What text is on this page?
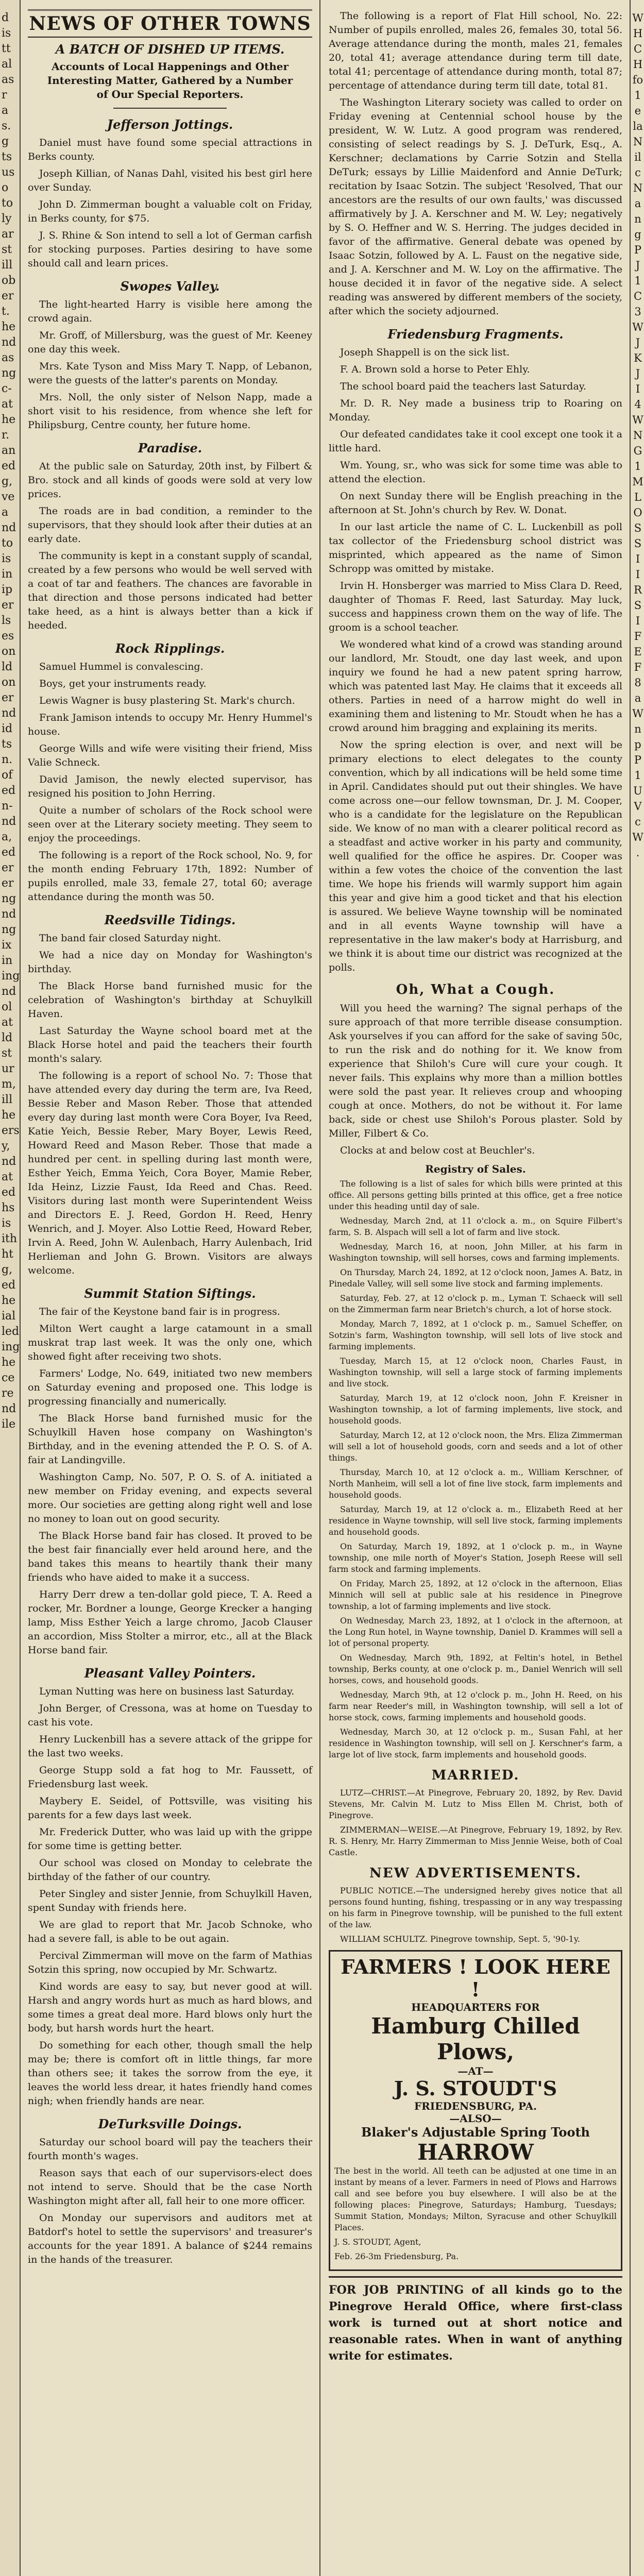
d
is
tt
al
as
r
a
s.
g
ts
us
o
to
ly
ar
st
ill
ob
er
t.
he
nd
as
ng
c-
at
he
r.
an
ed
g,
ve
a
nd
to
is
in
ip
er
ls
es
on
ld
on
er
nd
id
ts
n.
of
ed
n-
nd
a,
ed
er
er
ng
nd
ng
ix
in
ing
nd
ol
at
ld
st
ur
m,
ill
he
ers
y,
nd
at
ed
hs
is
ith
ht
g,
ed
he
ial
led
ing
he
ce
re
nd
ile
NEWS OF OTHER TOWNS
A BATCH OF DISHED UP ITEMS.
Accounts of Local Happenings and Other Interesting Matter, Gathered by a Number of Our Special Reporters.
Jefferson Jottings.

Daniel must have found some special attractions in Berks county.

Joseph Killian, of Nanas Dahl, visited his best girl here over Sunday.

John D. Zimmerman bought a valuable colt on Friday, in Berks county, for $75.

J. S. Rhine & Son intend to sell a lot of German carfish for stocking purposes. Parties desiring to have some should call and learn prices.

Swopes Valley.

The light-hearted Harry is visible here among the crowd again.

Mr. Groff, of Millersburg, was the guest of Mr. Keeney one day this week.

Mrs. Kate Tyson and Miss Mary T. Napp, of Lebanon, were the guests of the latter's parents on Monday.

Mrs. Noll, the only sister of Nelson Napp, made a short visit to his residence, from whence she left for Philipsburg, Centre county, her future home.

Paradise.

At the public sale on Saturday, 20th inst, by Filbert & Bro. stock and all kinds of goods were sold at very low prices.

The roads are in bad condition, a reminder to the supervisors, that they should look after their duties at an early date.

The community is kept in a constant supply of scandal, created by a few persons who would be well served with a coat of tar and feathers. The chances are favorable in that direction and those persons indicated had better take heed, as a hint is always better than a kick if heeded.

Rock Ripplings.

Samuel Hummel is convalescing.

Boys, get your instruments ready.

Lewis Wagner is busy plastering St. Mark's church.

Frank Jamison intends to occupy Mr. Henry Hummel's house.

George Wills and wife were visiting their friend, Miss Valie Schneck.

David Jamison, the newly elected supervisor, has resigned his position to John Herring.

Quite a number of scholars of the Rock school were seen over at the Literary society meeting. They seem to enjoy the proceedings.

The following is a report of the Rock school, No. 9, for the month ending February 17th, 1892: Number of pupils enrolled, male 33, female 27, total 60; average attendance during the month was 50.

Reedsville Tidings.

The band fair closed Saturday night.

We had a nice day on Monday for Washington's birthday.

The Black Horse band furnished music for the celebration of Washington's birthday at Schuylkill Haven.

Last Saturday the Wayne school board met at the Black Horse hotel and paid the teachers their fourth month's salary.

The following is a report of school No. 7: Those that have attended every day during the term are, Iva Reed, Bessie Reber and Mason Reber. Those that attended every day during last month were Cora Boyer, Iva Reed, Katie Yeich, Bessie Reber, Mary Boyer, Lewis Reed, Howard Reed and Mason Reber. Those that made a hundred per cent. in spelling during last month were, Esther Yeich, Emma Yeich, Cora Boyer, Mamie Reber, Ida Heinz, Lizzie Faust, Ida Reed and Chas. Reed. Visitors during last month were Superintendent Weiss and Directors E. J. Reed, Gordon H. Reed, Henry Wenrich, and J. Moyer. Also Lottie Reed, Howard Reber, Irvin A. Reed, John W. Aulenbach, Harry Aulenbach, Irid Herlieman and John G. Brown. Visitors are always welcome.

Summit Station Siftings.

The fair of the Keystone band fair is in progress.

Milton Wert caught a large catamount in a small muskrat trap last week. It was the only one, which showed fight after receiving two shots.

Farmers' Lodge, No. 649, initiated two new members on Saturday evening and proposed one. This lodge is progressing financially and numerically.

The Black Horse band furnished music for the Schuylkill Haven hose company on Washington's Birthday, and in the evening attended the P. O. S. of A. fair at Landingville.

Washington Camp, No. 507, P. O. S. of A. initiated a new member on Friday evening, and expects several more. Our societies are getting along right well and lose no money to loan out on good security.

The Black Horse band fair has closed. It proved to be the best fair financially ever held around here, and the band takes this means to heartily thank their many friends who have aided to make it a success.

Harry Derr drew a ten-dollar gold piece, T. A. Reed a rocker, Mr. Bordner a lounge, George Krecker a hanging lamp, Miss Esther Yeich a large chromo, Jacob Clauser an accordion, Miss Stolter a mirror, etc., all at the Black Horse band fair.

Pleasant Valley Pointers.

Lyman Nutting was here on business last Saturday.

John Berger, of Cressona, was at home on Tuesday to cast his vote.

Henry Luckenbill has a severe attack of the grippe for the last two weeks.

George Stupp sold a fat hog to Mr. Faussett, of Friedensburg last week.

Maybery E. Seidel, of Pottsville, was visiting his parents for a few days last week.

Mr. Frederick Dutter, who was laid up with the grippe for some time is getting better.

Our school was closed on Monday to celebrate the birthday of the father of our country.

Peter Singley and sister Jennie, from Schuylkill Haven, spent Sunday with friends here.

We are glad to report that Mr. Jacob Schnoke, who had a severe fall, is able to be out again.

Percival Zimmerman will move on the farm of Mathias Sotzin this spring, now occupied by Mr. Schwartz.

Kind words are easy to say, but never good at will. Harsh and angry words hurt as much as hard blows, and some times a great deal more. Hard blows only hurt the body, but harsh words hurt the heart.

Do something for each other, though small the help may be; there is comfort oft in little things, far more than others see; it takes the sorrow from the eye, it leaves the world less drear, it hates friendly hand comes nigh; when friendly hands are near.

DeTurksville Doings.

Saturday our school board will pay the teachers their fourth month's wages.

Reason says that each of our supervisors-elect does not intend to serve. Should that be the case North Washington might after all, fall heir to one more officer.

On Monday our supervisors and auditors met at Batdorf's hotel to settle the supervisors' and treasurer's accounts for the year 1891. A balance of $244 remains in the hands of the treasurer.

The following is a report of Flat Hill school, No. 22: Number of pupils enrolled, males 26, females 30, total 56. Average attendance during the month, males 21, females 20, total 41; average attendance during term till date, total 41; percentage of attendance during month, total 87; percentage of attendance during term till date, total 81.

The Washington Literary society was called to order on Friday evening at Centennial school house by the president, W. W. Lutz. A good program was rendered, consisting of select readings by S. J. DeTurk, Esq., A. Kerschner; declamations by Carrie Sotzin and Stella DeTurk; essays by Lillie Maidenford and Annie DeTurk; recitation by Isaac Sotzin. The subject 'Resolved, That our ancestors are the results of our own faults,' was discussed affirmatively by J. A. Kerschner and M. W. Ley; negatively by S. O. Heffner and W. S. Herring. The judges decided in favor of the affirmative. General debate was opened by Isaac Sotzin, followed by A. L. Faust on the negative side, and J. A. Kerschner and M. W. Loy on the affirmative. The house decided it in favor of the negative side. A select reading was answered by different members of the society, after which the society adjourned.

Friedensburg Fragments.

Joseph Shappell is on the sick list.

F. A. Brown sold a horse to Peter Ehly.

The school board paid the teachers last Saturday.

Mr. D. R. Ney made a business trip to Roaring on Monday.

Our defeated candidates take it cool except one took it a little hard.

Wm. Young, sr., who was sick for some time was able to attend the election.

On next Sunday there will be English preaching in the afternoon at St. John's church by Rev. W. Donat.

In our last article the name of C. L. Luckenbill as poll tax collector of the Friedensburg school district was misprinted, which appeared as the name of Simon Schropp was omitted by mistake.

Irvin H. Honsberger was married to Miss Clara D. Reed, daughter of Thomas F. Reed, last Saturday. May luck, success and happiness crown them on the way of life. The groom is a school teacher.

We wondered what kind of a crowd was standing around our landlord, Mr. Stoudt, one day last week, and upon inquiry we found he had a new patent spring harrow, which was patented last May. He claims that it exceeds all others. Parties in need of a harrow might do well in examining them and listening to Mr. Stoudt when he has a crowd around him bragging and explaining its merits.

Now the spring election is over, and next will be primary elections to elect delegates to the county convention, which by all indications will be held some time in April. Candidates should put out their shingles. We have come across one—our fellow townsman, Dr. J. M. Cooper, who is a candidate for the legislature on the Republican side. We know of no man with a clearer political record as a steadfast and active worker in his party and community, well qualified for the office he aspires. Dr. Cooper was within a few votes the choice of the convention the last time. We hope his friends will warmly support him again this year and give him a good ticket and that his election is assured. We believe Wayne township will be nominated and in all events Wayne township will have a representative in the law maker's body at Harrisburg, and we think it is about time our district was recognized at the polls.

Oh, What a Cough.

Will you heed the warning? The signal perhaps of the sure approach of that more terrible disease consumption. Ask yourselves if you can afford for the sake of saving 50c, to run the risk and do nothing for it. We know from experience that Shiloh's Cure will cure your cough. It never fails. This explains why more than a million bottles were sold the past year. It relieves croup and whooping cough at once. Mothers, do not be without it. For lame back, side or chest use Shiloh's Porous plaster. Sold by Miller, Filbert & Co.

Clocks at and below cost at Beuchler's.

Registry of Sales.

The following is a list of sales for which bills were printed at this office. All persons getting bills printed at this office, get a free notice under this heading until day of sale.

Wednesday, March 2nd, at 11 o'clock a. m., on Squire Filbert's farm, S. B. Alspach will sell a lot of farm and live stock.

Wednesday, March 16, at noon, John Miller, at his farm in Washington township, will sell horses, cows and farming implements.

On Thursday, March 24, 1892, at 12 o'clock noon, James A. Batz, in Pinedale Valley, will sell some live stock and farming implements.

Saturday, Feb. 27, at 12 o'clock p. m., Lyman T. Schaeck will sell on the Zimmerman farm near Brietch's church, a lot of horse stock.

Monday, March 7, 1892, at 1 o'clock p. m., Samuel Scheffer, on Sotzin's farm, Washington township, will sell lots of live stock and farming implements.

Tuesday, March 15, at 12 o'clock noon, Charles Faust, in Washington township, will sell a large stock of farming implements and live stock.

Saturday, March 19, at 12 o'clock noon, John F. Kreisner in Washington township, a lot of farming implements, live stock, and household goods.

Saturday, March 12, at 12 o'clock noon, the Mrs. Eliza Zimmerman will sell a lot of household goods, corn and seeds and a lot of other things.

Thursday, March 10, at 12 o'clock a. m., William Kerschner, of North Manheim, will sell a lot of fine live stock, farm implements and household goods.

Saturday, March 19, at 12 o'clock a. m., Elizabeth Reed at her residence in Wayne township, will sell live stock, farming implements and household goods.

On Saturday, March 19, 1892, at 1 o'clock p. m., in Wayne township, one mile north of Moyer's Station, Joseph Reese will sell farm stock and farming implements.

On Friday, March 25, 1892, at 12 o'clock in the afternoon, Elias Minnich will sell at public sale at his residence in Pinegrove township, a lot of farming implements and live stock.

On Wednesday, March 23, 1892, at 1 o'clock in the afternoon, at the Long Run hotel, in Wayne township, Daniel D. Krammes will sell a lot of personal property.

On Wednesday, March 9th, 1892, at Feltin's hotel, in Bethel township, Berks county, at one o'clock p. m., Daniel Wenrich will sell horses, cows, and household goods.

Wednesday, March 9th, at 12 o'clock p. m., John H. Reed, on his farm near Reeder's mill, in Washington township, will sell a lot of horse stock, cows, farming implements and household goods.

Wednesday, March 30, at 12 o'clock p. m., Susan Fahl, at her residence in Washington township, will sell on J. Kerschner's farm, a large lot of live stock, farm implements and household goods.

MARRIED.

LUTZ—CHRIST.—At Pinegrove, February 20, 1892, by Rev. David Stevens, Mr. Calvin M. Lutz to Miss Ellen M. Christ, both of Pinegrove.

ZIMMERMAN—WEISE.—At Pinegrove, February 19, 1892, by Rev. R. S. Henry, Mr. Harry Zimmerman to Miss Jennie Weise, both of Coal Castle.

NEW ADVERTISEMENTS.

PUBLIC NOTICE.—The undersigned hereby gives notice that all persons found hunting, fishing, trespassing or in any way trespassing on his farm in Pinegrove township, will be punished to the full extent of the law.

WILLIAM SCHULTZ. Pinegrove township, Sept. 5, '90-1y.

FARMERS ! LOOK HERE !
HEADQUARTERS FOR
Hamburg Chilled Plows,
—AT—
J. S. STOUDT'S
FRIEDENSBURG, PA.
—ALSO—
Blaker's Adjustable Spring Tooth
HARROW

The best in the world. All teeth can be adjusted at one time in an instant by means of a lever. Farmers in need of Plows and Harrows call and see before you buy elsewhere. I will also be at the following places: Pinegrove, Saturdays; Hamburg, Tuesdays; Summit Station, Mondays; Milton, Syracuse and other Schuylkill Places.

J. S. STOUDT, Agent,

Feb. 26-3m Friedensburg, Pa.

FOR JOB PRINTING of all kinds go to the Pinegrove Herald Office, where first-class work is turned out at short notice and reasonable rates. When in want of anything write for estimates.

W
H
C
H
fo
1
e
la
N
il
c
N
a
n
g
P
J
1
C
3
W
J
K
J
I
4
W
N
G
1
M
L
O
S
S
I
I
R
S
I
F
E
F
8
a
W
n
p
P
1
U
V
c
W
.
